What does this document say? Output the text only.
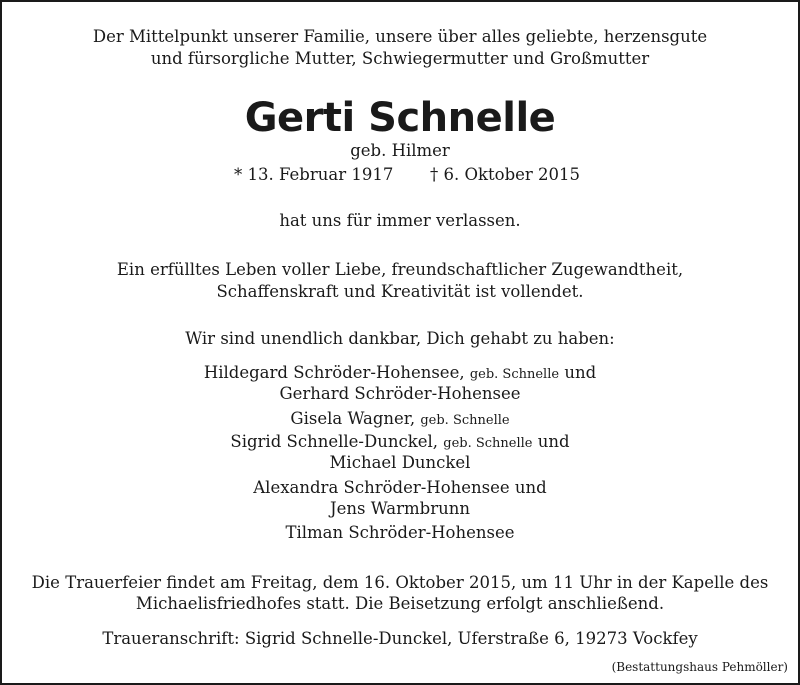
Der Mittelpunkt unserer Familie, unsere über alles geliebte, herzensgute
und fürsorgliche Mutter, Schwiegermutter und Großmutter
Gerti Schnelle
geb. Hilmer
* 13. Februar 1917 † 6. Oktober 2015
hat uns für immer verlassen.
Ein erfülltes Leben voller Liebe, freundschaftlicher Zugewandtheit,
Schaffenskraft und Kreativität ist vollendet.
Wir sind unendlich dankbar, Dich gehabt zu haben:
Hildegard Schröder-Hohensee, geb. Schnelle und
Gerhard Schröder-Hohensee
Gisela Wagner, geb. Schnelle
Sigrid Schnelle-Dunckel, geb. Schnelle und
Michael Dunckel
Alexandra Schröder-Hohensee und
Jens Warmbrunn
Tilman Schröder-Hohensee
Die Trauerfeier findet am Freitag, dem 16. Oktober 2015, um 11 Uhr in der Kapelle des
Michaelisfriedhofes statt. Die Beisetzung erfolgt anschließend.
Traueranschrift: Sigrid Schnelle-Dunckel, Uferstraße 6, 19273 Vockfey
(Bestattungshaus Pehmöller)
